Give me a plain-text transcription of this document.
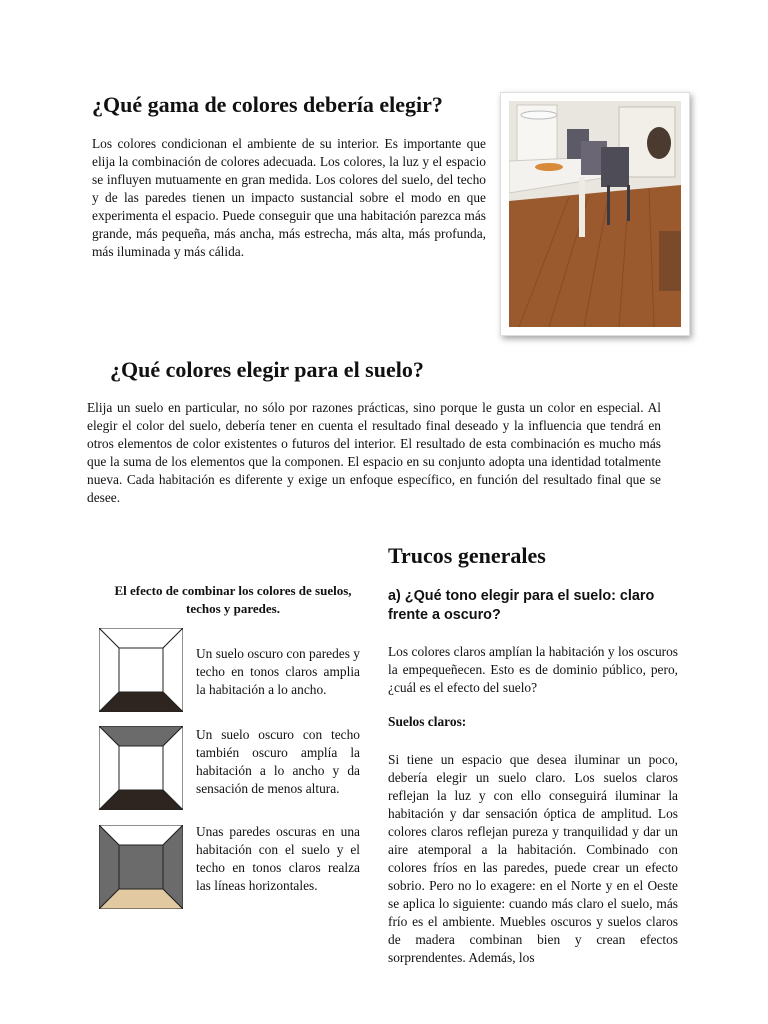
¿Qué gama de colores debería elegir?

Los colores condicionan el ambiente de su interior. Es importante que elija la combinación de colores adecuada. Los colores, la luz y el espacio se influyen mutuamente en gran medida. Los colores del suelo, del techo y de las paredes tienen un impacto sustancial sobre el modo en que experimenta el espacio. Puede conseguir que una habitación parezca más grande, más pequeña, más ancha, más estrecha, más alta, más profunda, más iluminada y más cálida.

¿Qué colores elegir para el suelo?

Elija un suelo en particular, no sólo por razones prácticas, sino porque le gusta un color en especial. Al elegir el color del suelo, debería tener en cuenta el resultado final deseado y la influencia que tendrá en otros elementos de color existentes o futuros del interior. El resultado de esta combinación es mucho más que la suma de los elementos que la componen. El espacio en su conjunto adopta una identidad totalmente nueva. Cada habitación es diferente y exige un enfoque específico, en función del resultado final que se desee.

El efecto de combinar los colores de suelos, techos y paredes.

Un suelo oscuro con paredes y techo en tonos claros amplia la habitación a lo ancho.

Un suelo oscuro con techo también oscuro amplía la habitación a lo ancho y da sensación de menos altura.

Unas paredes oscuras en una habitación con el suelo y el techo en tonos claros realza las líneas horizontales.

Trucos generales
a) ¿Qué tono elegir para el suelo: claro frente a oscuro?

Los colores claros amplían la habitación y los oscuros la empequeñecen. Esto es de dominio público, pero, ¿cuál es el efecto del suelo?

Suelos claros:

Si tiene un espacio que desea iluminar un poco, debería elegir un suelo claro. Los suelos claros reflejan la luz y con ello conseguirá iluminar la habitación y dar sensación óptica de amplitud. Los colores claros reflejan pureza y tranquilidad y dar un aire atemporal a la habitación. Combinado con colores fríos en las paredes, puede crear un efecto sobrio. Pero no lo exagere: en el Norte y en el Oeste se aplica lo siguiente: cuando más claro el suelo, más frío es el ambiente. Muebles oscuros y suelos claros de madera combinan bien y crean efectos sorprendentes. Además, los
